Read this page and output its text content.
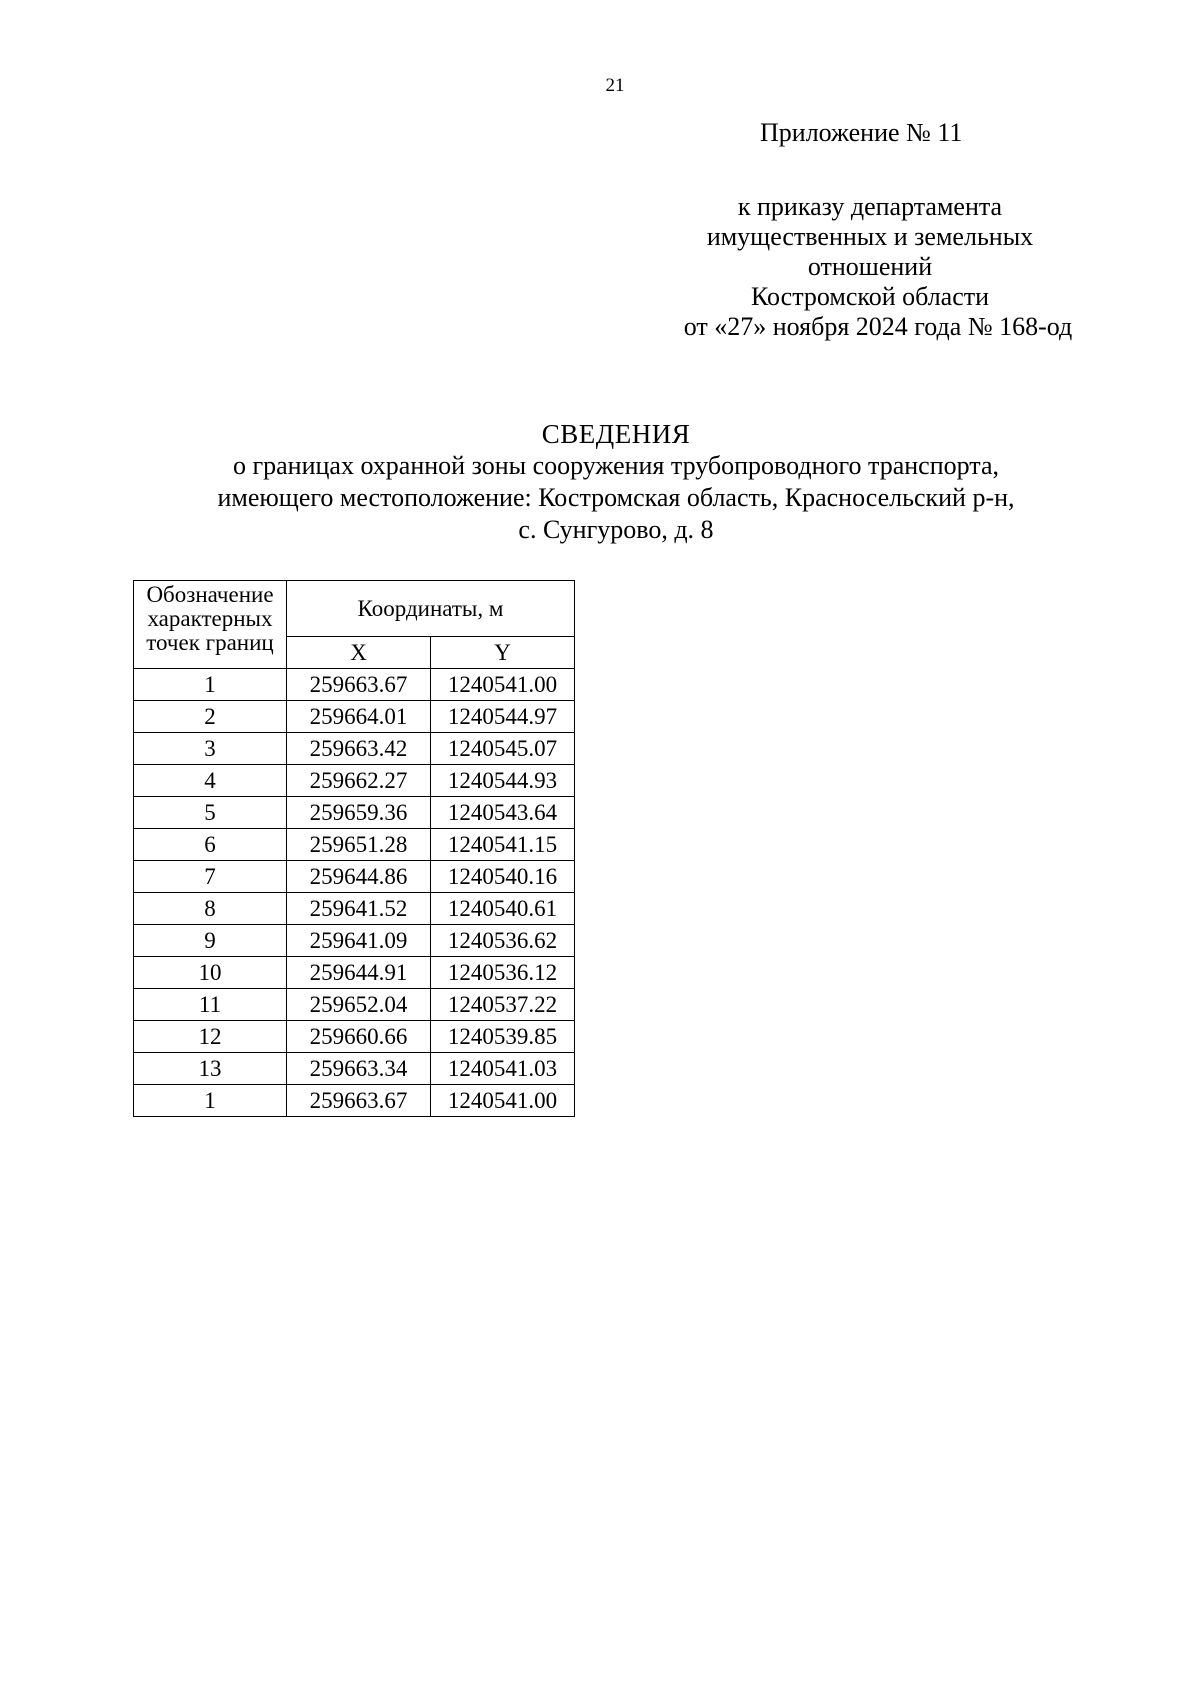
21
Приложение № 11
к приказу департамента
имущественных и земельных
отношений
Костромской области
от «27» ноября 2024 года № 168-од
СВЕДЕНИЯ
о границах охранной зоны сооружения трубопроводного транспорта,
имеющего местоположение: Костромская область, Красносельский р-н,
с. Сунгурово, д. 8
Обозначение
характерных
точек границ	Координаты, м	
	X	Y
1	259663.67	1240541.00
2	259664.01	1240544.97
3	259663.42	1240545.07
4	259662.27	1240544.93
5	259659.36	1240543.64
6	259651.28	1240541.15
7	259644.86	1240540.16
8	259641.52	1240540.61
9	259641.09	1240536.62
10	259644.91	1240536.12
11	259652.04	1240537.22
12	259660.66	1240539.85
13	259663.34	1240541.03
1	259663.67	1240541.00
